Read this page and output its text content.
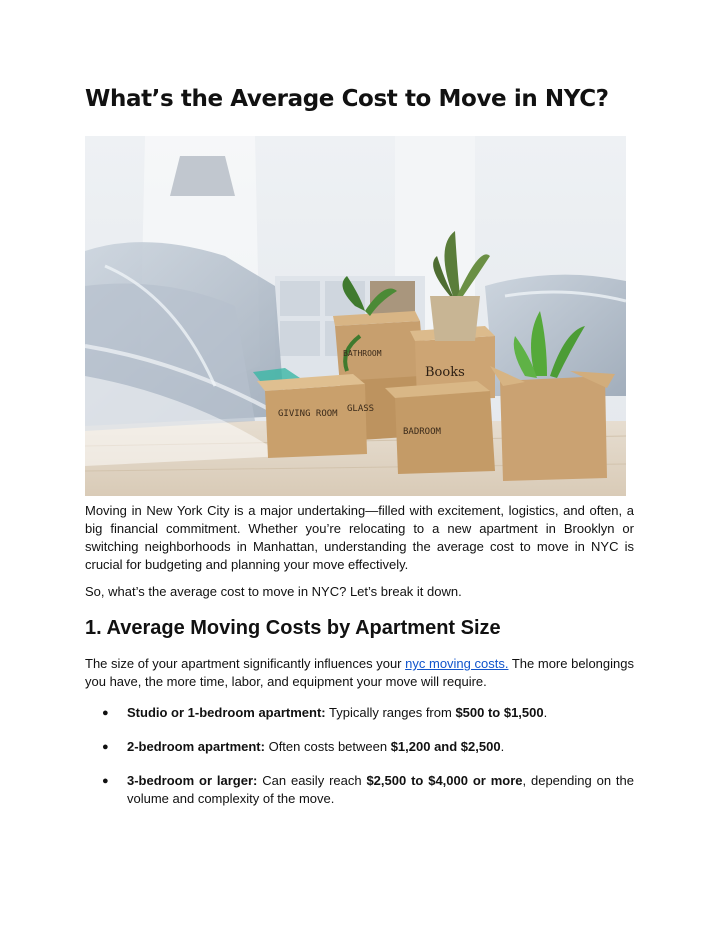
What’s the Average Cost to Move in NYC?
GIVING ROOM
BATHROOM
Books
BADROOM
GLASS

Moving in New York City is a major undertaking—filled with excitement, logistics, and often, a big financial commitment. Whether you’re relocating to a new apartment in Brooklyn or switching neighborhoods in Manhattan, understanding the average cost to move in NYC is crucial for budgeting and planning your move effectively.

So, what’s the average cost to move in NYC? Let’s break it down.

1. Average Moving Costs by Apartment Size

The size of your apartment significantly influences your nyc moving costs. The more belongings you have, the more time, labor, and equipment your move will require.

● Studio or 1-bedroom apartment: Typically ranges from $500 to $1,500.
● 2-bedroom apartment: Often costs between $1,200 and $2,500.
● 3-bedroom or larger: Can easily reach $2,500 to $4,000 or more, depending on the volume and complexity of the move.
